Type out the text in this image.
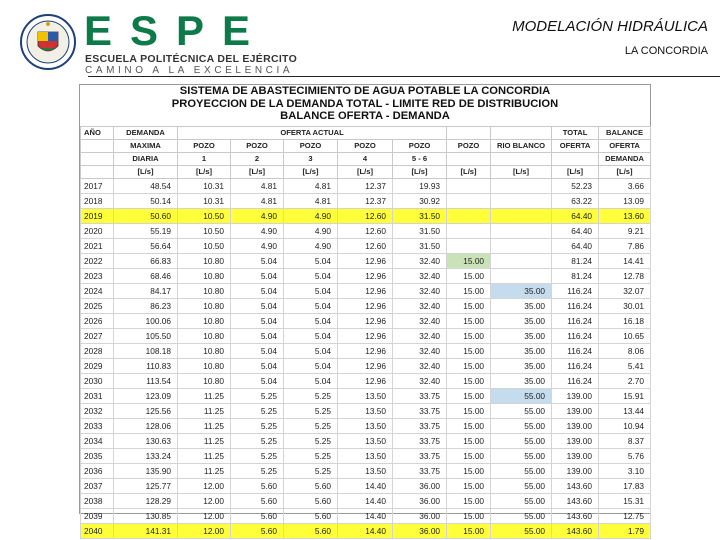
ESPE
ESCUELA POLITÉCNICA DEL EJÉRCITO
CAMINO A LA EXCELENCIA
MODELACIÓN HIDRÁULICA
LA CONCORDIA
SISTEMA DE ABASTECIMIENTO DE AGUA POTABLE LA CONCORDIA
PROYECCION DE LA DEMANDA TOTAL - LIMITE RED DE DISTRIBUCION
BALANCE OFERTA - DEMANDA
AÑO	DEMANDA	OFERTA ACTUAL							TOTAL	BALANCE
	MAXIMA	POZO	POZO	POZO	POZO	POZO	POZO	RIO BLANCO	OFERTA	OFERTA
	DIARIA	1	2	3	4	5 - 6				DEMANDA
	[L/s]	[L/s]	[L/s]	[L/s]	[L/s]	[L/s]	[L/s]	[L/s]	[L/s]	[L/s]
2017	48.54	10.31	4.81	4.81	12.37	19.93			52.23	3.66
2018	50.14	10.31	4.81	4.81	12.37	30.92			63.22	13.09
2019	50.60	10.50	4.90	4.90	12.60	31.50			64.40	13.60
2020	55.19	10.50	4.90	4.90	12.60	31.50			64.40	9.21
2021	56.64	10.50	4.90	4.90	12.60	31.50			64.40	7.86
2022	66.83	10.80	5.04	5.04	12.96	32.40	15.00		81.24	14.41
2023	68.46	10.80	5.04	5.04	12.96	32.40	15.00		81.24	12.78
2024	84.17	10.80	5.04	5.04	12.96	32.40	15.00	35.00	116.24	32.07
2025	86.23	10.80	5.04	5.04	12.96	32.40	15.00	35.00	116.24	30.01
2026	100.06	10.80	5.04	5.04	12.96	32.40	15.00	35.00	116.24	16.18
2027	105.50	10.80	5.04	5.04	12.96	32.40	15.00	35.00	116.24	10.65
2028	108.18	10.80	5.04	5.04	12.96	32.40	15.00	35.00	116.24	8.06
2029	110.83	10.80	5.04	5.04	12.96	32.40	15.00	35.00	116.24	5.41
2030	113.54	10.80	5.04	5.04	12.96	32.40	15.00	35.00	116.24	2.70
2031	123.09	11.25	5.25	5.25	13.50	33.75	15.00	55.00	139.00	15.91
2032	125.56	11.25	5.25	5.25	13.50	33.75	15.00	55.00	139.00	13.44
2033	128.06	11.25	5.25	5.25	13.50	33.75	15.00	55.00	139.00	10.94
2034	130.63	11.25	5.25	5.25	13.50	33.75	15.00	55.00	139.00	8.37
2035	133.24	11.25	5.25	5.25	13.50	33.75	15.00	55.00	139.00	5.76
2036	135.90	11.25	5.25	5.25	13.50	33.75	15.00	55.00	139.00	3.10
2037	125.77	12.00	5.60	5.60	14.40	36.00	15.00	55.00	143.60	17.83
2038	128.29	12.00	5.60	5.60	14.40	36.00	15.00	55.00	143.60	15.31
2039	130.85	12.00	5.60	5.60	14.40	36.00	15.00	55.00	143.60	12.75
2040	141.31	12.00	5.60	5.60	14.40	36.00	15.00	55.00	143.60	1.79
